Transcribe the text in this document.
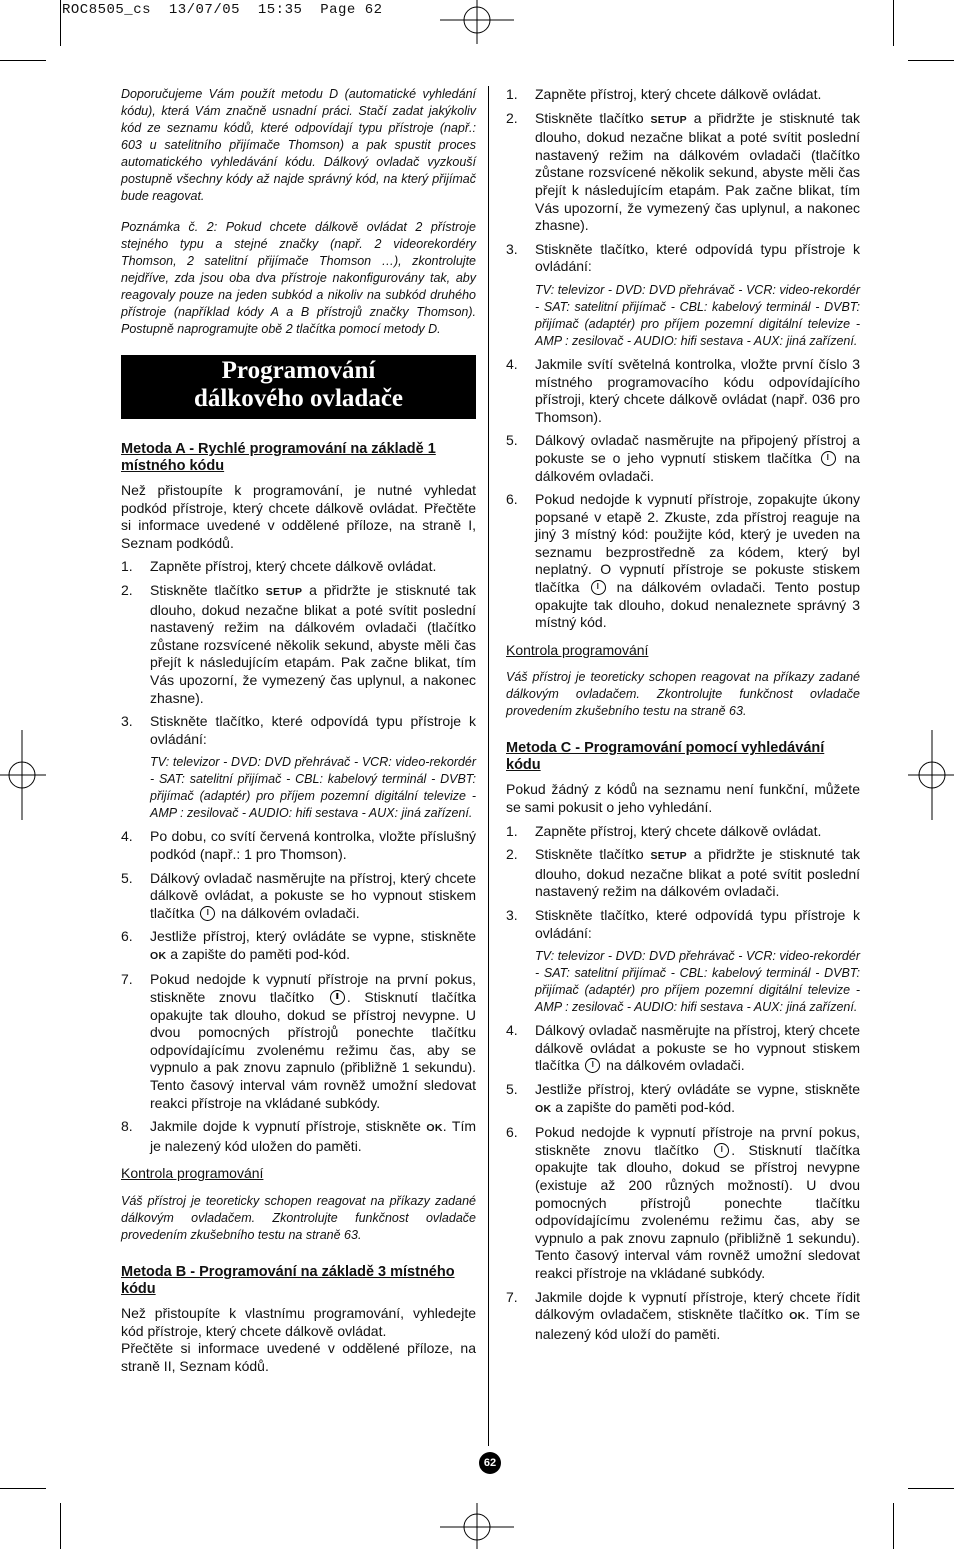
ROC8505_cs 13/07/05 15:35 Page 62

Doporučujeme Vám použít metodu D (automatické vyhledání kódu), která Vám značně usnadní práci. Stačí zadat jakýkoliv kód ze seznamu kódů, které odpovídají typu přístroje (např.: 603 u satelitního přijímače Thomson) a pak spustit proces automatického vyhledávání kódu. Dálkový ovladač vyzkouší postupně všechny kódy až najde správný kód, na který přijímač bude reagovat.

Poznámka č. 2: Pokud chcete dálkově ovládat 2 přístroje stejného typu a stejné značky (např. 2 videorekordéry Thomson, 2 satelitní přijímače Thomson …), zkontrolujte nejdříve, zda jsou oba dva přístroje nakonfigurovány tak, aby reagovaly pouze na jeden subkód a nikoliv na subkód druhého přístroje (například kódy A a B přístrojů značky Thomson). Postupně naprogramujte obě 2 tlačítka pomocí metody D.

Programování
dálkového ovladače

Metoda A - Rychlé programování na základě 1 místného kódu

Než přistoupíte k programování, je nutné vyhledat podkód přístroje, který chcete dálkově ovládat. Přečtěte si informace uvedené v oddělené příloze, na straně I, Seznam podkódů.

1. Zapněte přístroj, který chcete dálkově ovládat.
2. Stiskněte tlačítko SETUP a přidržte je stisknuté tak dlouho, dokud nezačne blikat a poté svítit poslední nastavený režim na dálkovém ovladači (tlačítko zůstane rozsvícené několik sekund, abyste měli čas přejít k následujícím etapám. Pak začne blikat, tím Vás upozorní, že vymezený čas uplynul, a nakonec zhasne).
3. Stiskněte tlačítko, které odpovídá typu přístroje k ovládání:

TV: televizor - DVD: DVD přehrávač - VCR: video-rekordér - SAT: satelitní přijímač - CBL: kabelový terminál - DVBT: přijímač (adaptér) pro příjem pozemní digitální televize - AMP : zesilovač - AUDIO: hifi sestava - AUX: jiná zařízení.

4. Po dobu, co svítí červená kontrolka, vložte příslušný podkód (např.: 1 pro Thomson).
5. Dálkový ovladač nasměrujte na přístroj, který chcete dálkově ovládat, a pokuste se ho vypnout stiskem tlačítka na dálkovém ovladači.
6. Jestliže přístroj, který ovládáte se vypne, stiskněte OK a zapište do paměti pod-kód.
7. Pokud nedojde k vypnutí přístroje na první pokus, stiskněte znovu tlačítko . Stisknutí tlačítka opakujte tak dlouho, dokud se přístroj nevypne. U dvou pomocných přístrojů ponechte tlačítku odpovídajícímu zvolenému režimu čas, aby se vypnulo a pak znovu zapnulo (přibližně 1 sekundu). Tento časový interval vám rovněž umožní sledovat reakci přístroje na vkládané subkódy.
8. Jakmile dojde k vypnutí přístroje, stiskněte OK. Tím je nalezený kód uložen do paměti.

Kontrola programování

Váš přístroj je teoreticky schopen reagovat na příkazy zadané dálkovým ovladačem. Zkontrolujte funkčnost ovladače provedením zkušebního testu na straně 63.

Metoda B - Programování na základě 3 místného kódu

Než přistoupíte k vlastnímu programování, vyhledejte kód přístroje, který chcete dálkově ovládat.

Přečtěte si informace uvedené v oddělené příloze, na straně II, Seznam kódů.

1. Zapněte přístroj, který chcete dálkově ovládat.
2. Stiskněte tlačítko SETUP a přidržte je stisknuté tak dlouho, dokud nezačne blikat a poté svítit poslední nastavený režim na dálkovém ovladači (tlačítko zůstane rozsvícené několik sekund, abyste měli čas přejít k následujícím etapám. Pak začne blikat, tím Vás upozorní, že vymezený čas uplynul, a nakonec zhasne).
3. Stiskněte tlačítko, které odpovídá typu přístroje k ovládání:

TV: televizor - DVD: DVD přehrávač - VCR: video-rekordér - SAT: satelitní přijímač - CBL: kabelový terminál - DVBT: přijímač (adaptér) pro příjem pozemní digitální televize - AMP : zesilovač - AUDIO: hifi sestava - AUX: jiná zařízení.

4. Jakmile svítí světelná kontrolka, vložte první číslo 3 místného programovacího kódu odpovídajícího přístroji, který chcete dálkově ovládat (např. 036 pro Thomson).
5. Dálkový ovladač nasměrujte na připojený přístroj a pokuste se o jeho vypnutí stiskem tlačítka na dálkovém ovladači.
6. Pokud nedojde k vypnutí přístroje, zopakujte úkony popsané v etapě 2. Zkuste, zda přístroj reaguje na jiný 3 místný kód: použijte kód, který je uveden na seznamu bezprostředně za kódem, který byl neplatný. O vypnutí přístroje se pokuste stiskem tlačítka	na dálkovém ovladači. Tento postup opakujte tak dlouho, dokud nenaleznete správný 3 místný kód.

Kontrola programování

Váš přístroj je teoreticky schopen reagovat na příkazy zadané dálkovým ovladačem. Zkontrolujte funkčnost ovladače provedením zkušebního testu na straně 63.

Metoda C - Programování pomocí vyhledávání kódu

Pokud žádný z kódů na seznamu není funkční, můžete se sami pokusit o jeho vyhledání.

1. Zapněte přístroj, který chcete dálkově ovládat.
2. Stiskněte tlačítko SETUP a přidržte je stisknuté tak dlouho, dokud nezačne blikat a poté svítit poslední nastavený režim na dálkovém ovladači.
3. Stiskněte tlačítko, které odpovídá typu přístroje k ovládání:

TV: televizor - DVD: DVD přehrávač - VCR: video-rekordér - SAT: satelitní přijímač - CBL: kabelový terminál - DVBT: přijímač (adaptér) pro příjem pozemní digitální televize - AMP : zesilovač - AUDIO: hifi sestava - AUX: jiná zařízení.

4. Dálkový ovladač nasměrujte na přístroj, který chcete dálkově ovládat a pokuste se ho vypnout stiskem tlačítka na dálkovém ovladači.
5. Jestliže přístroj, který ovládáte se vypne, stiskněte OK a zapište do paměti pod-kód.
6. Pokud nedojde k vypnutí přístroje na první pokus, stiskněte znovu tlačítko . Stisknutí tlačítka opakujte tak dlouho, dokud se přístroj nevypne (existuje až 200 různých možností). U dvou pomocných přístrojů ponechte tlačítku odpovídajícímu zvolenému režimu čas, aby se vypnulo a pak znovu zapnulo (přibližně 1 sekundu). Tento časový interval vám rovněž umožní sledovat reakci přístroje na vkládané subkódy.
7. Jakmile dojde k vypnutí přístroje, který chcete řídit dálkovým ovladačem, stiskněte tlačítko OK. Tím se nalezený kód uloží do paměti.
62
